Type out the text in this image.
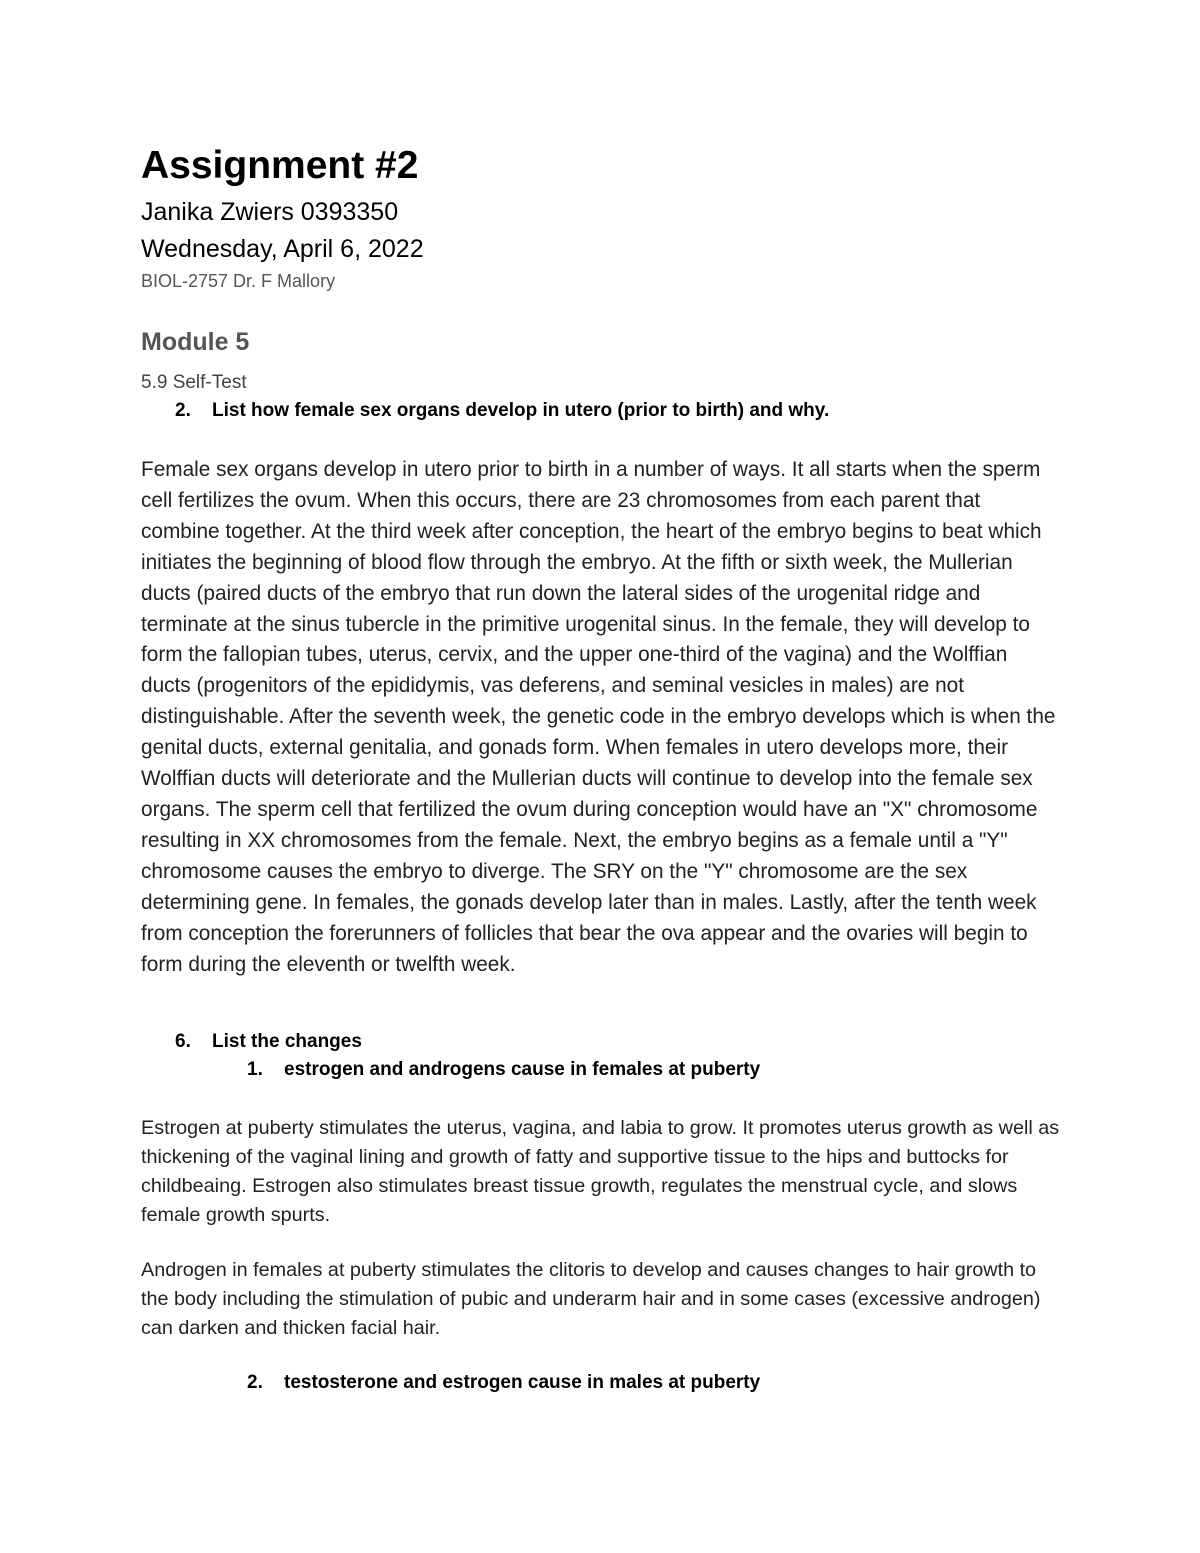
Assignment #2

Janika Zwiers 0393350

Wednesday, April 6, 2022

BIOL-2757 Dr. F Mallory

Module 5

5.9 Self-Test

2. List how female sex organs develop in utero (prior to birth) and why.

Female sex organs develop in utero prior to birth in a number of ways. It all starts when the sperm cell fertilizes the ovum. When this occurs, there are 23 chromosomes from each parent that combine together. At the third week after conception, the heart of the embryo begins to beat which initiates the beginning of blood flow through the embryo. At the fifth or sixth week, the Mullerian ducts (paired ducts of the embryo that run down the lateral sides of the urogenital ridge and terminate at the sinus tubercle in the primitive urogenital sinus. In the female, they will develop to form the fallopian tubes, uterus, cervix, and the upper one-third of the vagina) and the Wolffian ducts (progenitors of the epididymis, vas deferens, and seminal vesicles in males) are not distinguishable. After the seventh week, the genetic code in the embryo develops which is when the genital ducts, external genitalia, and gonads form. When females in utero develops more, their Wolffian ducts will deteriorate and the Mullerian ducts will continue to develop into the female sex organs. The sperm cell that fertilized the ovum during conception would have an "X" chromosome resulting in XX chromosomes from the female. Next, the embryo begins as a female until a "Y" chromosome causes the embryo to diverge. The SRY on the "Y" chromosome are the sex determining gene. In females, the gonads develop later than in males. Lastly, after the tenth week from conception the forerunners of follicles that bear the ova appear and the ovaries will begin to form during the eleventh or twelfth week.

6. List the changes
1. estrogen and androgens cause in females at puberty

Estrogen at puberty stimulates the uterus, vagina, and labia to grow. It promotes uterus growth as well as thickening of the vaginal lining and growth of fatty and supportive tissue to the hips and buttocks for childbeaing. Estrogen also stimulates breast tissue growth, regulates the menstrual cycle, and slows female growth spurts.

Androgen in females at puberty stimulates the clitoris to develop and causes changes to hair growth to the body including the stimulation of pubic and underarm hair and in some cases (excessive androgen) can darken and thicken facial hair.

2. testosterone and estrogen cause in males at puberty
